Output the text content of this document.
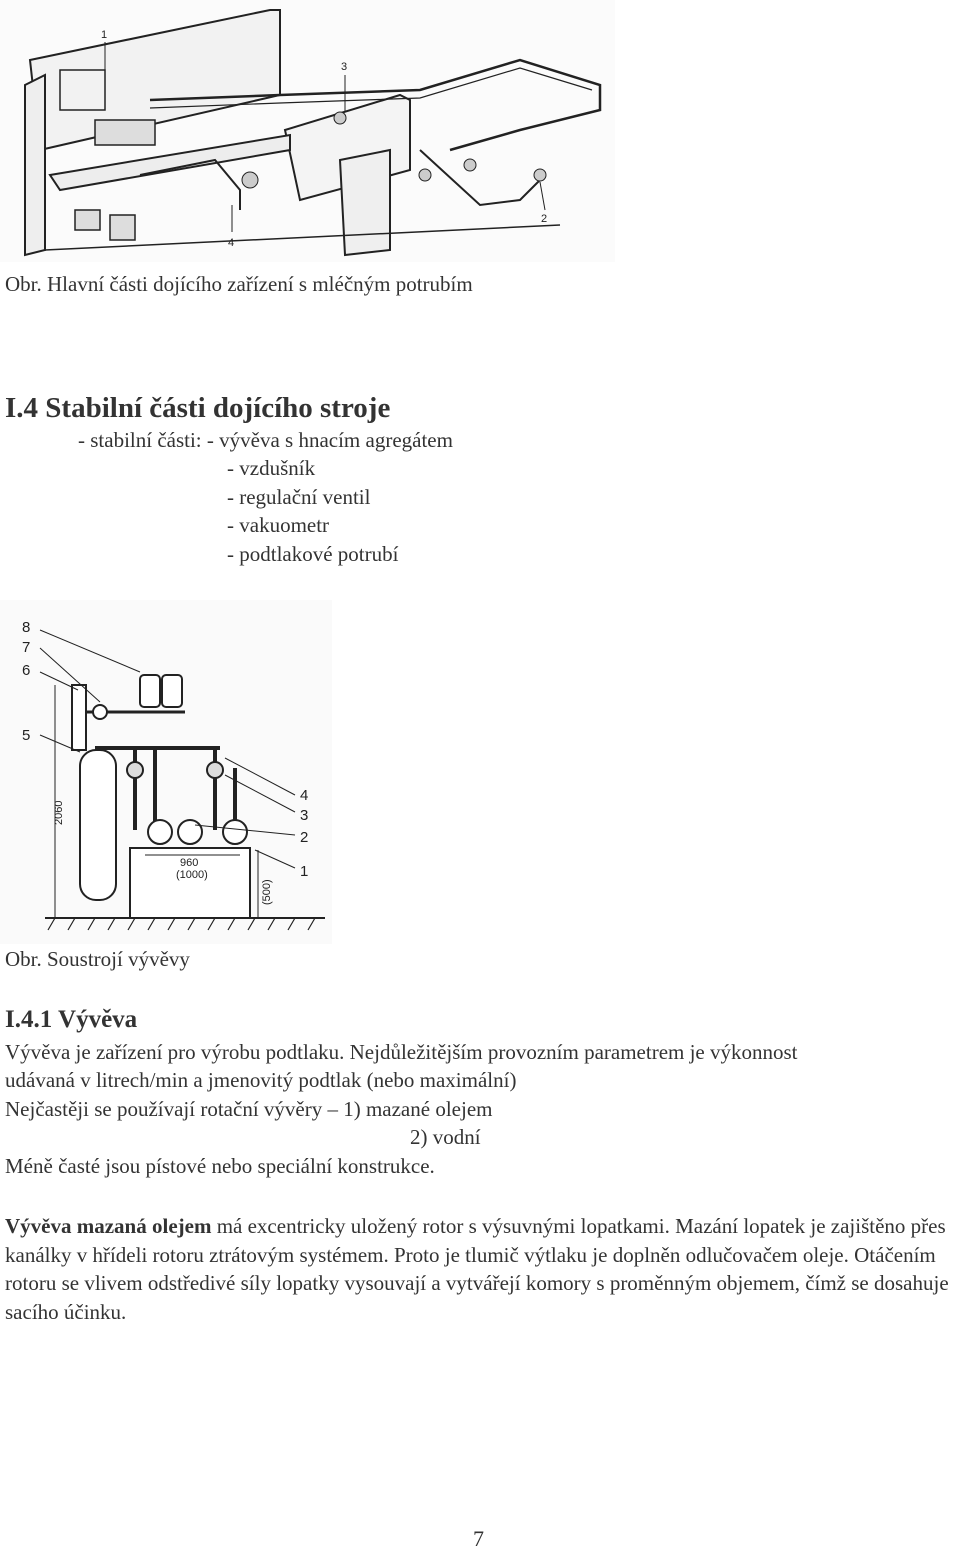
1
2
3
4
Obr. Hlavní části dojícího zařízení s mléčným potrubím
I.4 Stabilní části dojícího stroje
- stabilní části: - vývěva s hnacím agregátem
- vzdušník
- regulační ventil
- vakuometr
- podtlakové potrubí
8
7
6
5
4
3
2
1
2060
960
(1000)
(500)
Obr. Soustrojí vývěvy
I.4.1 Vývěva
Vývěva je zařízení pro výrobu podtlaku. Nejdůležitějším provozním parametrem je výkonnost
udávaná v litrech/min a jmenovitý podtlak (nebo maximální)
Nejčastěji se používají rotační vývěry – 1) mazané olejem
2) vodní
Méně časté jsou pístové nebo speciální konstrukce.
Vývěva mazaná olejem má excentricky uložený rotor s výsuvnými lopatkami. Mazání lopatek je zajištěno přes kanálky v hřídeli rotoru ztrátovým systémem. Proto je tlumič výtlaku je doplněn odlučovačem oleje. Otáčením rotoru se vlivem odstředivé síly lopatky vysouvají a vytvářejí komory s proměnným objemem, čímž se dosahuje sacího účinku.
7
